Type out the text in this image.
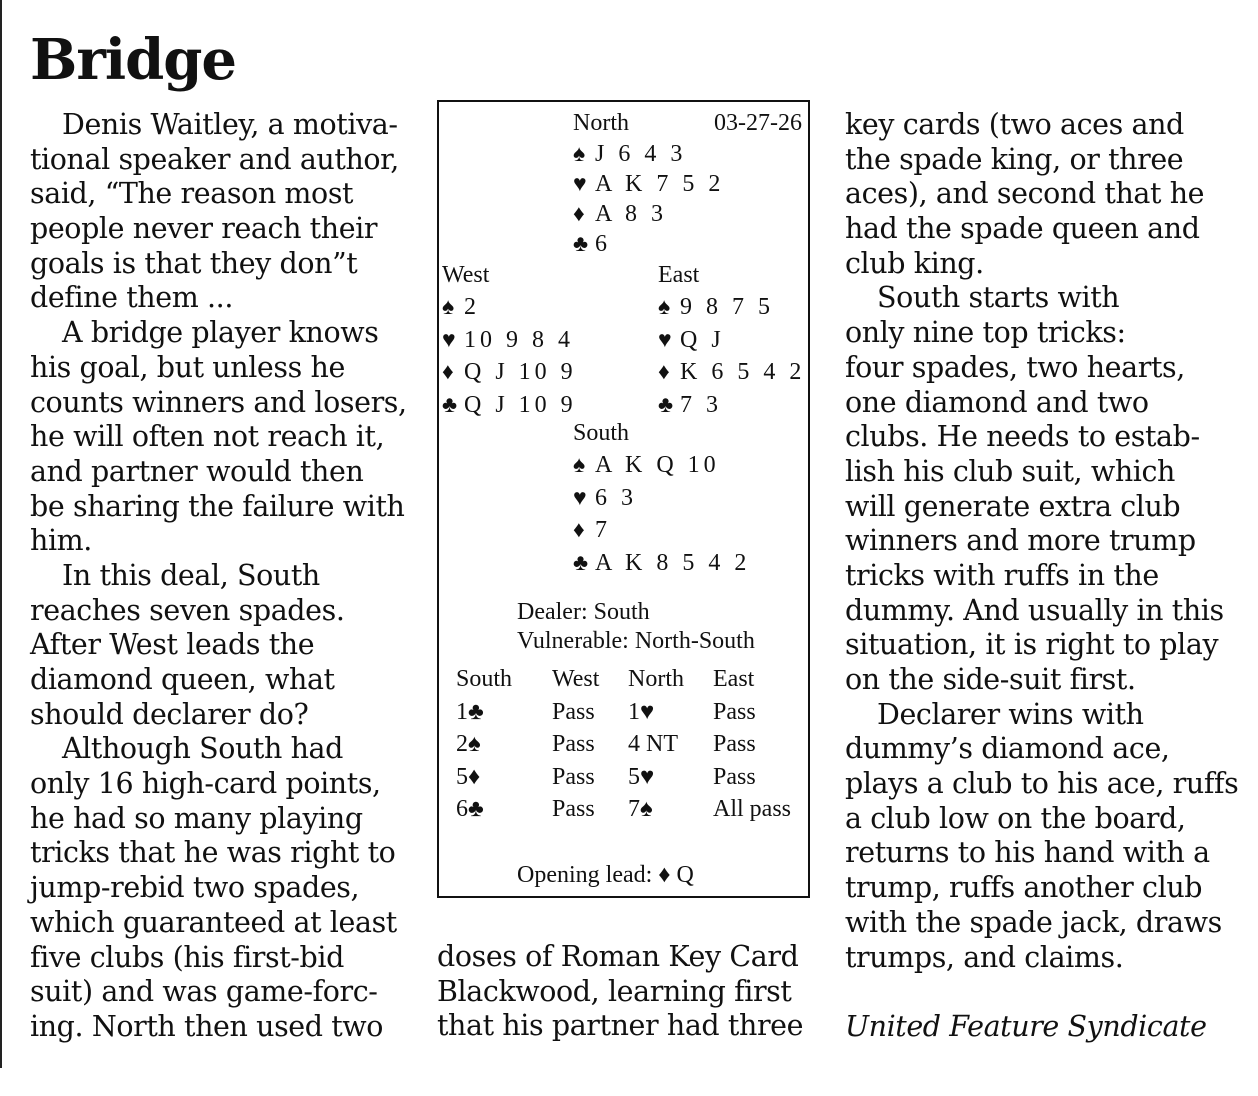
Bridge
Denis Waitley, a motiva-
tional speaker and author,
said, “The reason most
people never reach their
goals is that they don”t
define them ...
A bridge player knows
his goal, but unless he
counts winners and losers,
he will often not reach it,
and partner would then
be sharing the failure with
him.
In this deal, South
reaches seven spades.
After West leads the
diamond queen, what
should declarer do?
Although South had
only 16 high-card points,
he had so many playing
tricks that he was right to
jump-rebid two spades,
which guaranteed at least
five clubs (his first-bid
suit) and was game-forc-
ing. North then used two
North	03-27-26
♠ J 6 4 3
♥ A K 7 5 2
♦ A 8 3
♣ 6
West
♠ 2
♥ 10 9 8 4
♦ Q J 10 9
♣ Q J 10 9
East
♠ 9 8 7 5
♥ Q J
♦ K 6 5 4 2
♣ 7 3
South
♠ A K Q 10
♥ 6 3
♦ 7
♣ A K 8 5 4 2
Dealer: South
Vulnerable: North-South
South West North East
1♣	Pass 1♥ Pass
2♠	Pass 4 NT Pass
5♦	Pass 5♥ Pass
6♣	Pass 7♠	All pass
Opening lead: ♦ Q
doses of Roman Key Card
Blackwood, learning first
that his partner had three
key cards (two aces and
the spade king, or three
aces), and second that he
had the spade queen and
club king.
South starts with
only nine top tricks:
four spades, two hearts,
one diamond and two
clubs. He needs to estab-
lish his club suit, which
will generate extra club
winners and more trump
tricks with ruffs in the
dummy. And usually in this
situation, it is right to play
on the side-suit first.
Declarer wins with
dummy’s diamond ace,
plays a club to his ace, ruffs
a club low on the board,
returns to his hand with a
trump, ruffs another club
with the spade jack, draws
trumps, and claims.
United Feature Syndicate
